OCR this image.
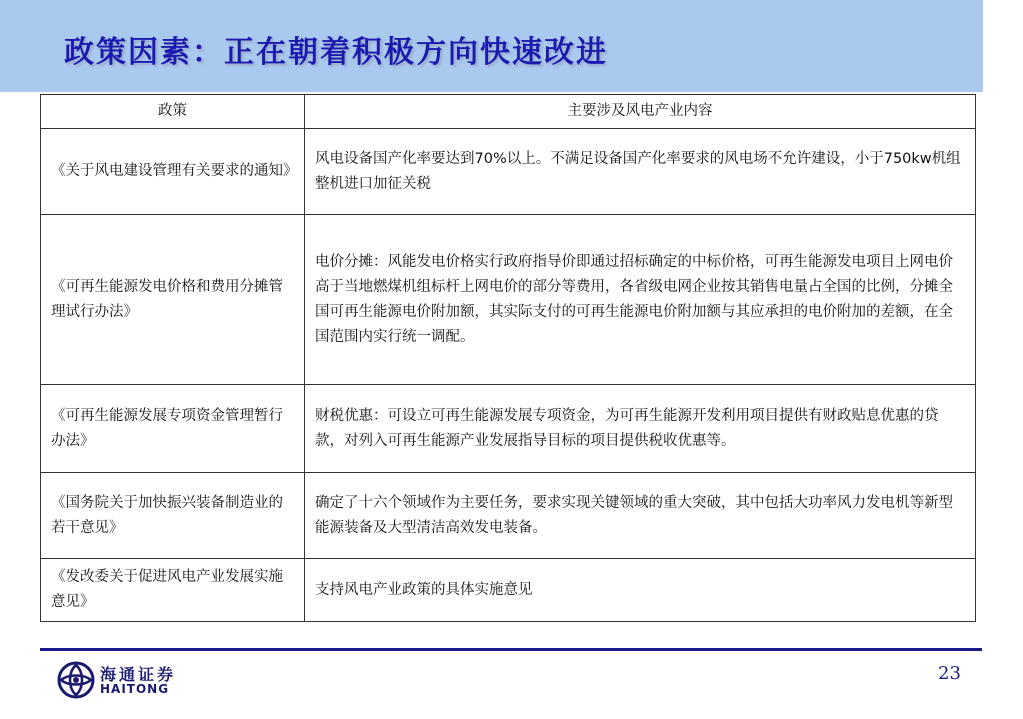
政策因素：正在朝着积极方向快速改进
政策	主要涉及风电产业内容
《关于风电建设管理有关要求的通知》	风电设备国产化率要达到70%以上。不满足设备国产化率要求的风电场不允许建设，小于750kw机组整机进口加征关税
《可再生能源发电价格和费用分摊管理试行办法》	电价分摊：风能发电价格实行政府指导价即通过招标确定的中标价格，可再生能源发电项目上网电价高于当地燃煤机组标杆上网电价的部分等费用，各省级电网企业按其销售电量占全国的比例，分摊全国可再生能源电价附加额，其实际支付的可再生能源电价附加额与其应承担的电价附加的差额，在全国范围内实行统一调配。
《可再生能源发展专项资金管理暂行办法》	财税优惠：可设立可再生能源发展专项资金，为可再生能源开发利用项目提供有财政贴息优惠的贷款，对列入可再生能源产业发展指导目标的项目提供税收优惠等。
《国务院关于加快振兴装备制造业的若干意见》	确定了十六个领域作为主要任务，要求实现关键领域的重大突破，其中包括大功率风力发电机等新型能源装备及大型清洁高效发电装备。
《发改委关于促进风电产业发展实施意见》	支持风电产业政策的具体实施意见
海通证券
HAITONG
23
